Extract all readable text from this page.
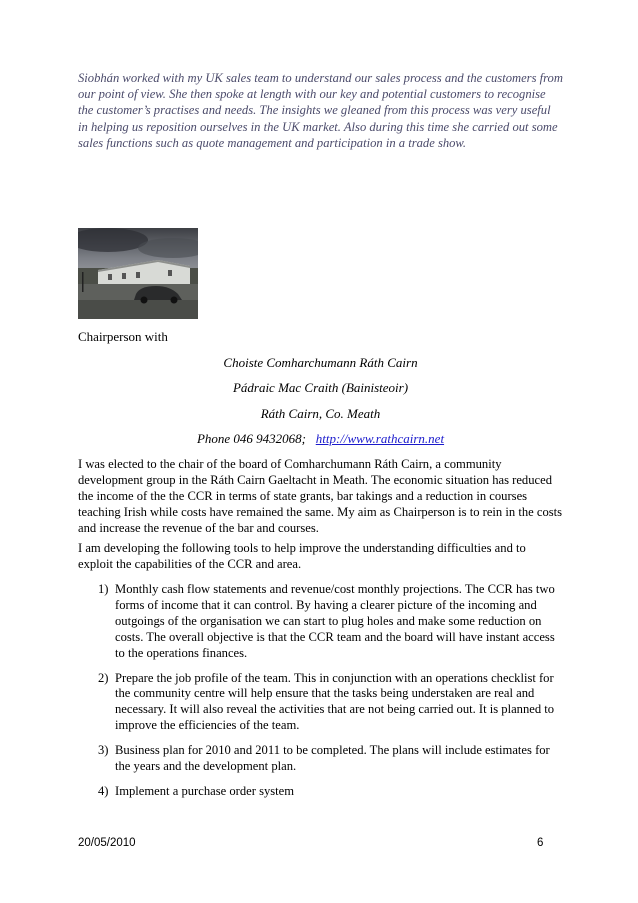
Siobhán worked with my UK sales team to understand our sales process and the customers from our point of view. She then spoke at length with our key and potential customers to recognise the customer’s practises and needs. The insights we gleaned from this process was very useful in helping us reposition ourselves in the UK market. Also during this time she carried out some sales functions such as quote management and participation in a trade show.
Chairperson with
Choiste Comharchumann Ráth Cairn
Pádraic Mac Craith (Bainisteoir)
Ráth Cairn, Co. Meath
Phone 046 9432068; http://www.rathcairn.net
I was elected to the chair of the board of Comharchumann Ráth Cairn, a community development group in the Ráth Cairn Gaeltacht in Meath. The economic situation has reduced the income of the the CCR in terms of state grants, bar takings and a reduction in courses teaching Irish while costs have remained the same. My aim as Chairperson is to rein in the costs and increase the revenue of the bar and courses.
I am developing the following tools to help improve the understanding difficulties and to exploit the capabilities of the CCR and area.
1) Monthly cash flow statements and revenue/cost monthly projections. The CCR has two forms of income that it can control. By having a clearer picture of the incoming and outgoings of the organisation we can start to plug holes and make some reduction on costs. The overall objective is that the CCR team and the board will have instant access to the operations finances.
2) Prepare the job profile of the team. This in conjunction with an operations checklist for the community centre will help ensure that the tasks being understaken are real and necessary. It will also reveal the activities that are not being carried out. It is planned to improve the efficiencies of the team.
3) Business plan for 2010 and 2011 to be completed. The plans will include estimates for the years and the development plan.
4) Implement a purchase order system
20/05/2010	6
